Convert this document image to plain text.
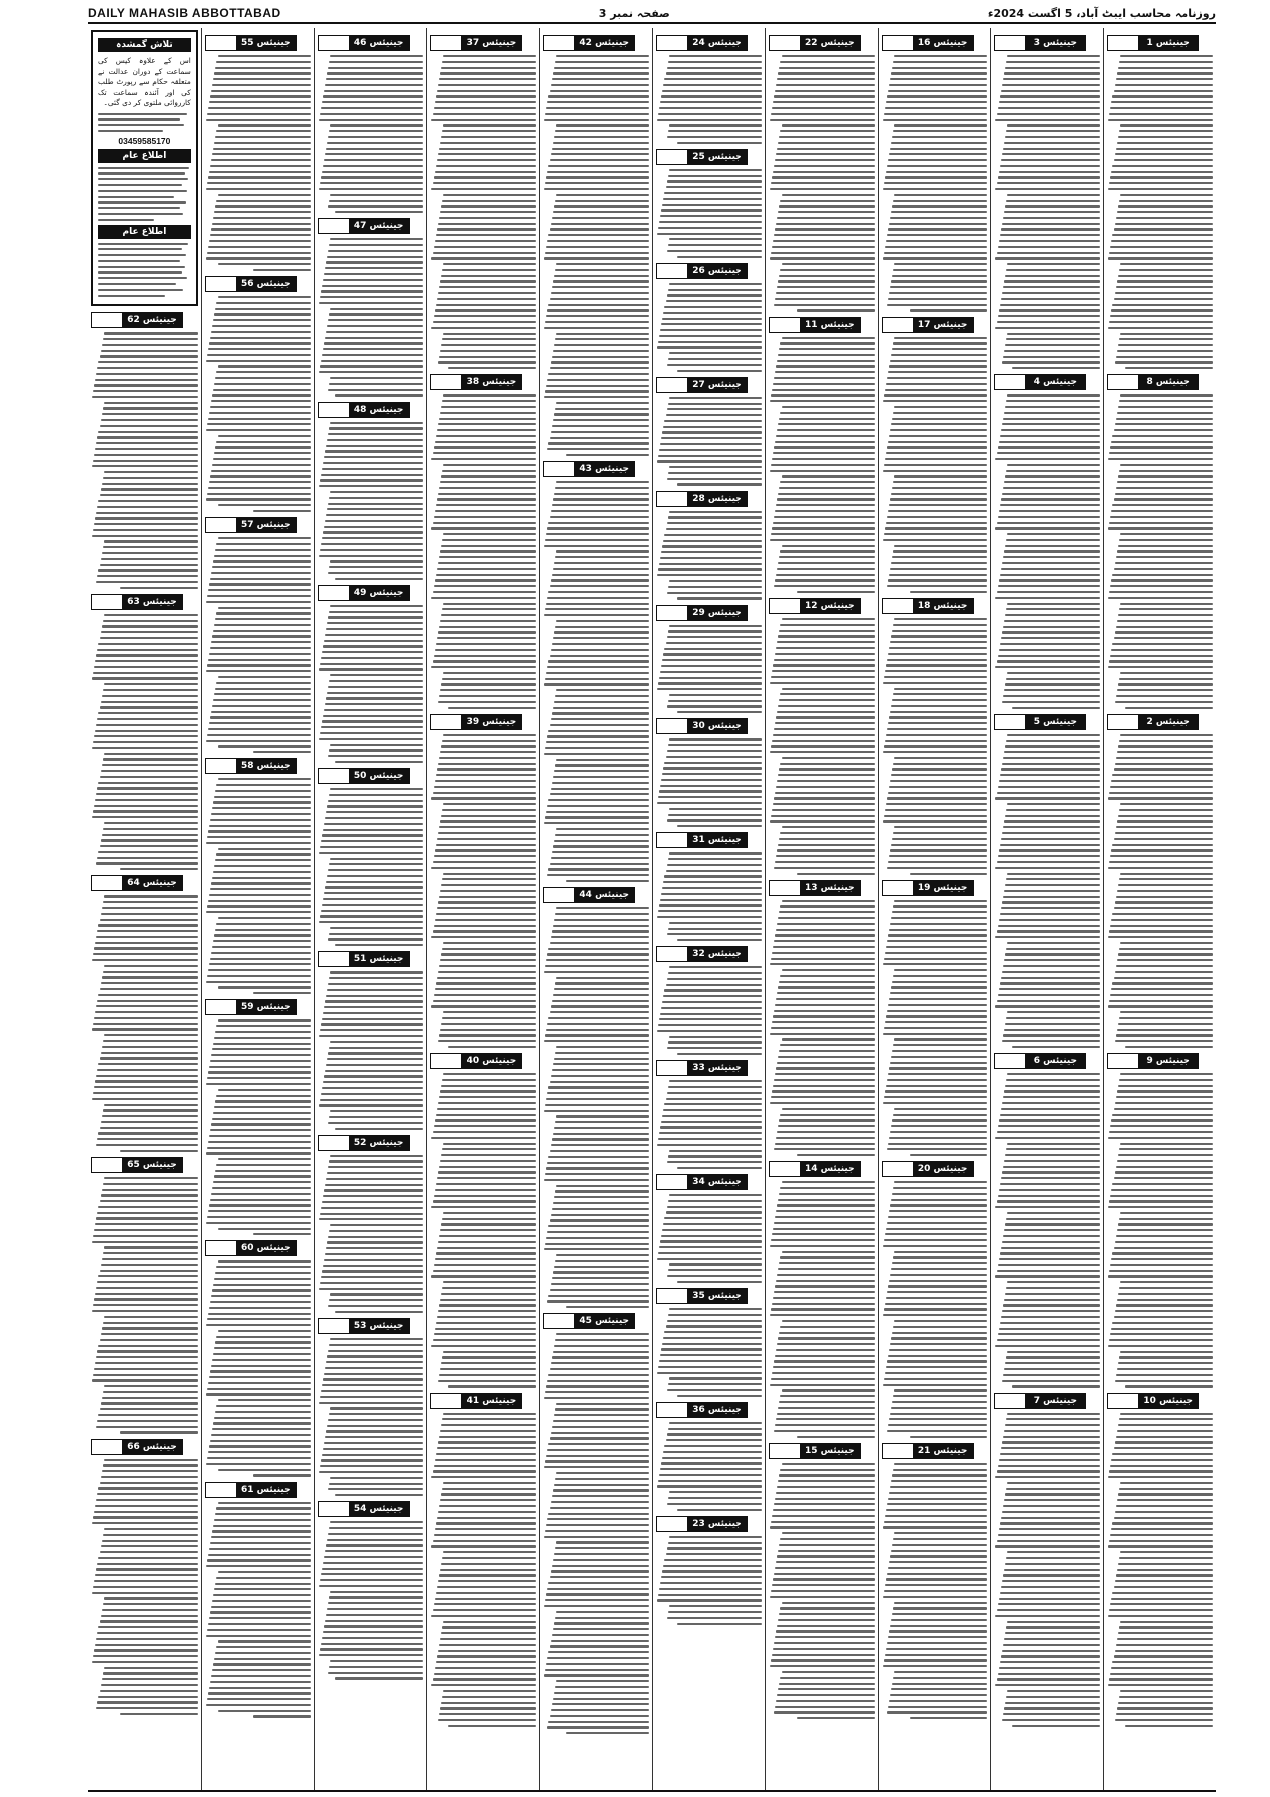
DAILY MAHASIB ABBOTTABAD	صفحہ نمبر 3	روزنامہ محاسب ایبٹ آباد، 5 اگست 2024ء
تلاش گمشدہ
اس کے علاوہ کیس کی سماعت کے دوران عدالت نے متعلقہ حکام سے رپورٹ طلب کی اور آئندہ سماعت تک کارروائی ملتوی کر دی گئی۔
03459585170
اطلاع عام
اطلاع عام
جینیئس 62
جینیئس 63
جینیئس 64
جینیئس 65
جینیئس 66
جینیئس 55
جینیئس 56
جینیئس 57
جینیئس 58
جینیئس 59
جینیئس 60
جینیئس 61
جینیئس 46
جینیئس 47
جینیئس 48
جینیئس 49
جینیئس 50
جینیئس 51
جینیئس 52
جینیئس 53
جینیئس 54
جینیئس 37
جینیئس 38
جینیئس 39
جینیئس 40
جینیئس 41
جینیئس 42
جینیئس 43
جینیئس 44
جینیئس 45
جینیئس 24
جینیئس 25
جینیئس 26
جینیئس 27
جینیئس 28
جینیئس 29
جینیئس 30
جینیئس 31
جینیئس 32
جینیئس 33
جینیئس 34
جینیئس 35
جینیئس 36
جینیئس 23
جینیئس 22
جینیئس 11
جینیئس 12
جینیئس 13
جینیئس 14
جینیئس 15
جینیئس 16
جینیئس 17
جینیئس 18
جینیئس 19
جینیئس 20
جینیئس 21
جینیئس 3
جینیئس 4
جینیئس 5
جینیئس 6
جینیئس 7
جینیئس 1
جینیئس 8
جینیئس 2
جینیئس 9
جینیئس 10
